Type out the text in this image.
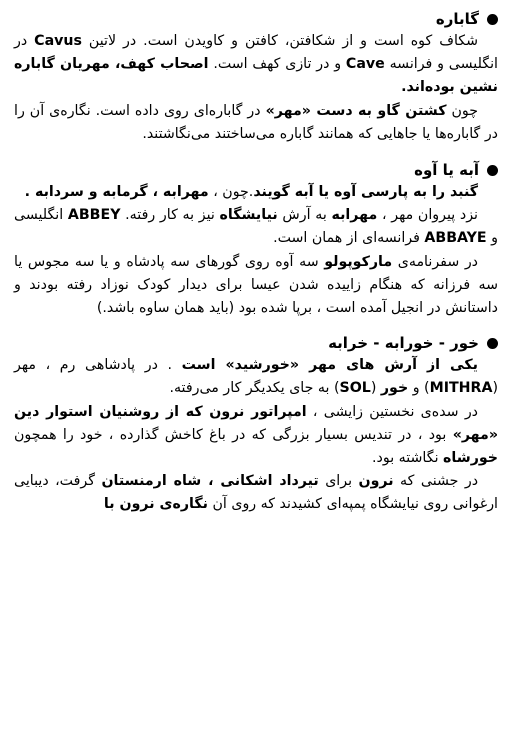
گاباره

شکاف کوه است و از شکافتن، کافتن و کاویدن است. در لاتین Cavus در انگلیسی و فرانسه Cave و در تازی کهف است. اصحاب کهف، مهریان گاباره نشین بوده‌اند.

چون کشتن گاو به دست «مهر» در گاباره‌ای روی داده است. نگاره‌ی آن را در گاباره‌ها یا جاهایی که همانند گاباره می‌ساختند می‌نگاشتند.

آبه یا آوه

گنبد را به پارسی آوه یا آبه گویند.چون ، مهرابه ، گرمابه و سردابه .

نزد پیروان مهر ، مهرابه به آرش نیایشگاه نیز به کار رفته. ABBEY انگلیسی و ABBAYE فرانسه‌ای از همان است.

در سفرنامه‌ی مارکوپولو سه آوه روی گورهای سه پادشاه و یا سه مجوس یا سه فرزانه که هنگام زاییده شدن عیسا برای دیدار کودک نوزاد رفته بودند و داستانش در انجیل آمده است ، برپا شده بود (باید همان ساوه باشد.)

خور - خورابه - خرابه

یکی از آرش های مهر «خورشید» است . در پادشاهی رم ، مهر (MITHRA) و خور (SOL) به جای یکدیگر کار می‌رفته.

در سده‌ی نخستین زایشی ، امپراتور نرون که از روشنیان استوار دین «مهر» بود ، در تندیس بسیار بزرگی که در باغ کاخش گذارده ، خود را همچون خورشاه نگاشته بود.

در جشنی که نرون برای تیرداد اشکانی ، شاه ارمنستان گرفت، دیبایی ارغوانی روی نیایشگاه پمپه‌ای کشیدند که روی آن نگاره‌ی نرون با
